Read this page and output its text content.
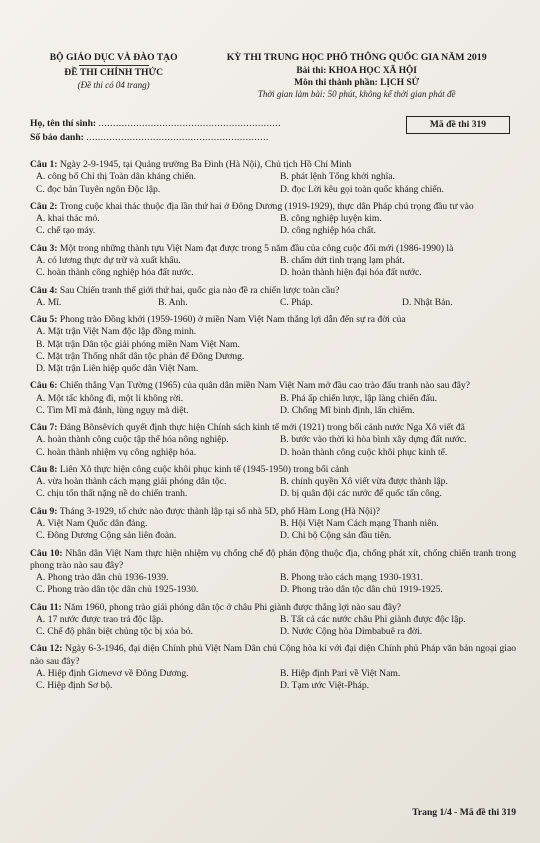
BỘ GIÁO DỤC VÀ ĐÀO TẠO
ĐỀ THI CHÍNH THỨC
(Đề thi có 04 trang)
KỲ THI TRUNG HỌC PHỔ THÔNG QUỐC GIA NĂM 2019
Bài thi: KHOA HỌC XÃ HỘI
Môn thi thành phần: LỊCH SỬ
Thời gian làm bài: 50 phút, không kể thời gian phát đề
Họ, tên thí sinh: ...............................................................
Số báo danh: ...............................................................
Mã đề thi 319
Câu 1: Ngày 2-9-1945, tại Quảng trường Ba Đình (Hà Nội), Chủ tịch Hồ Chí Minh
A. công bố Chỉ thị Toàn dân kháng chiến.	B. phát lệnh Tổng khởi nghĩa.
C. đọc bản Tuyên ngôn Độc lập.	D. đọc Lời kêu gọi toàn quốc kháng chiến.
Câu 2: Trong cuộc khai thác thuộc địa lần thứ hai ở Đông Dương (1919-1929), thực dân Pháp chú trọng đầu tư vào
A. khai thác mỏ.	B. công nghiệp luyện kim.
C. chế tạo máy.	D. công nghiệp hóa chất.
Câu 3: Một trong những thành tựu Việt Nam đạt được trong 5 năm đầu của công cuộc đổi mới (1986-1990) là
A. có lương thực dự trữ và xuất khẩu.	B. chấm dứt tình trạng lạm phát.
C. hoàn thành công nghiệp hóa đất nước.	D. hoàn thành hiện đại hóa đất nước.
Câu 4: Sau Chiến tranh thế giới thứ hai, quốc gia nào đề ra chiến lược toàn cầu?
A. Mĩ.	B. Anh.	C. Pháp.	D. Nhật Bản.
Câu 5: Phong trào Đồng khởi (1959-1960) ở miền Nam Việt Nam thắng lợi dẫn đến sự ra đời của
A. Mặt trận Việt Nam độc lập đồng minh.
B. Mặt trận Dân tộc giải phóng miền Nam Việt Nam.
C. Mặt trận Thống nhất dân tộc phản đế Đông Dương.
D. Mặt trận Liên hiệp quốc dân Việt Nam.
Câu 6: Chiến thắng Vạn Tường (1965) của quân dân miền Nam Việt Nam mở đầu cao trào đấu tranh nào sau đây?
A. Một tấc không đi, một li không rời.	B. Phá ấp chiến lược, lập làng chiến đấu.
C. Tìm Mĩ mà đánh, lùng ngụy mà diệt.	D. Chống Mĩ bình định, lấn chiếm.
Câu 7: Đảng Bônsêvích quyết định thực hiện Chính sách kinh tế mới (1921) trong bối cảnh nước Nga Xô viết đã
A. hoàn thành công cuộc tập thể hóa nông nghiệp.	B. bước vào thời kì hòa bình xây dựng đất nước.
C. hoàn thành nhiệm vụ công nghiệp hóa.	D. hoàn thành công cuộc khôi phục kinh tế.
Câu 8: Liên Xô thực hiện công cuộc khôi phục kinh tế (1945-1950) trong bối cảnh
A. vừa hoàn thành cách mạng giải phóng dân tộc.	B. chính quyền Xô viết vừa được thành lập.
C. chịu tổn thất nặng nề do chiến tranh.	D. bị quân đội các nước đế quốc tấn công.
Câu 9: Tháng 3-1929, tổ chức nào được thành lập tại số nhà 5D, phố Hàm Long (Hà Nội)?
A. Việt Nam Quốc dân đảng.	B. Hội Việt Nam Cách mạng Thanh niên.
C. Đông Dương Cộng sản liên đoàn.	D. Chi bộ Cộng sản đầu tiên.
Câu 10: Nhân dân Việt Nam thực hiện nhiệm vụ chống chế độ phản động thuộc địa, chống phát xít, chống chiến tranh trong phong trào nào sau đây?
A. Phong trào dân chủ 1936-1939.	B. Phong trào cách mạng 1930-1931.
C. Phong trào dân tộc dân chủ 1925-1930.	D. Phong trào dân tộc dân chủ 1919-1925.
Câu 11: Năm 1960, phong trào giải phóng dân tộc ở châu Phi giành được thắng lợi nào sau đây?
A. 17 nước được trao trả độc lập.	B. Tất cả các nước châu Phi giành được độc lập.
C. Chế độ phân biệt chủng tộc bị xóa bỏ.	D. Nước Cộng hòa Dimbabuê ra đời.
Câu 12: Ngày 6-3-1946, đại diện Chính phủ Việt Nam Dân chủ Cộng hòa kí với đại diện Chính phủ Pháp văn bản ngoại giao nào sau đây?
A. Hiệp định Giơnevơ về Đông Dương.	B. Hiệp định Pari về Việt Nam.
C. Hiệp định Sơ bộ.	D. Tạm ước Việt-Pháp.
Trang 1/4 - Mã đề thi 319
